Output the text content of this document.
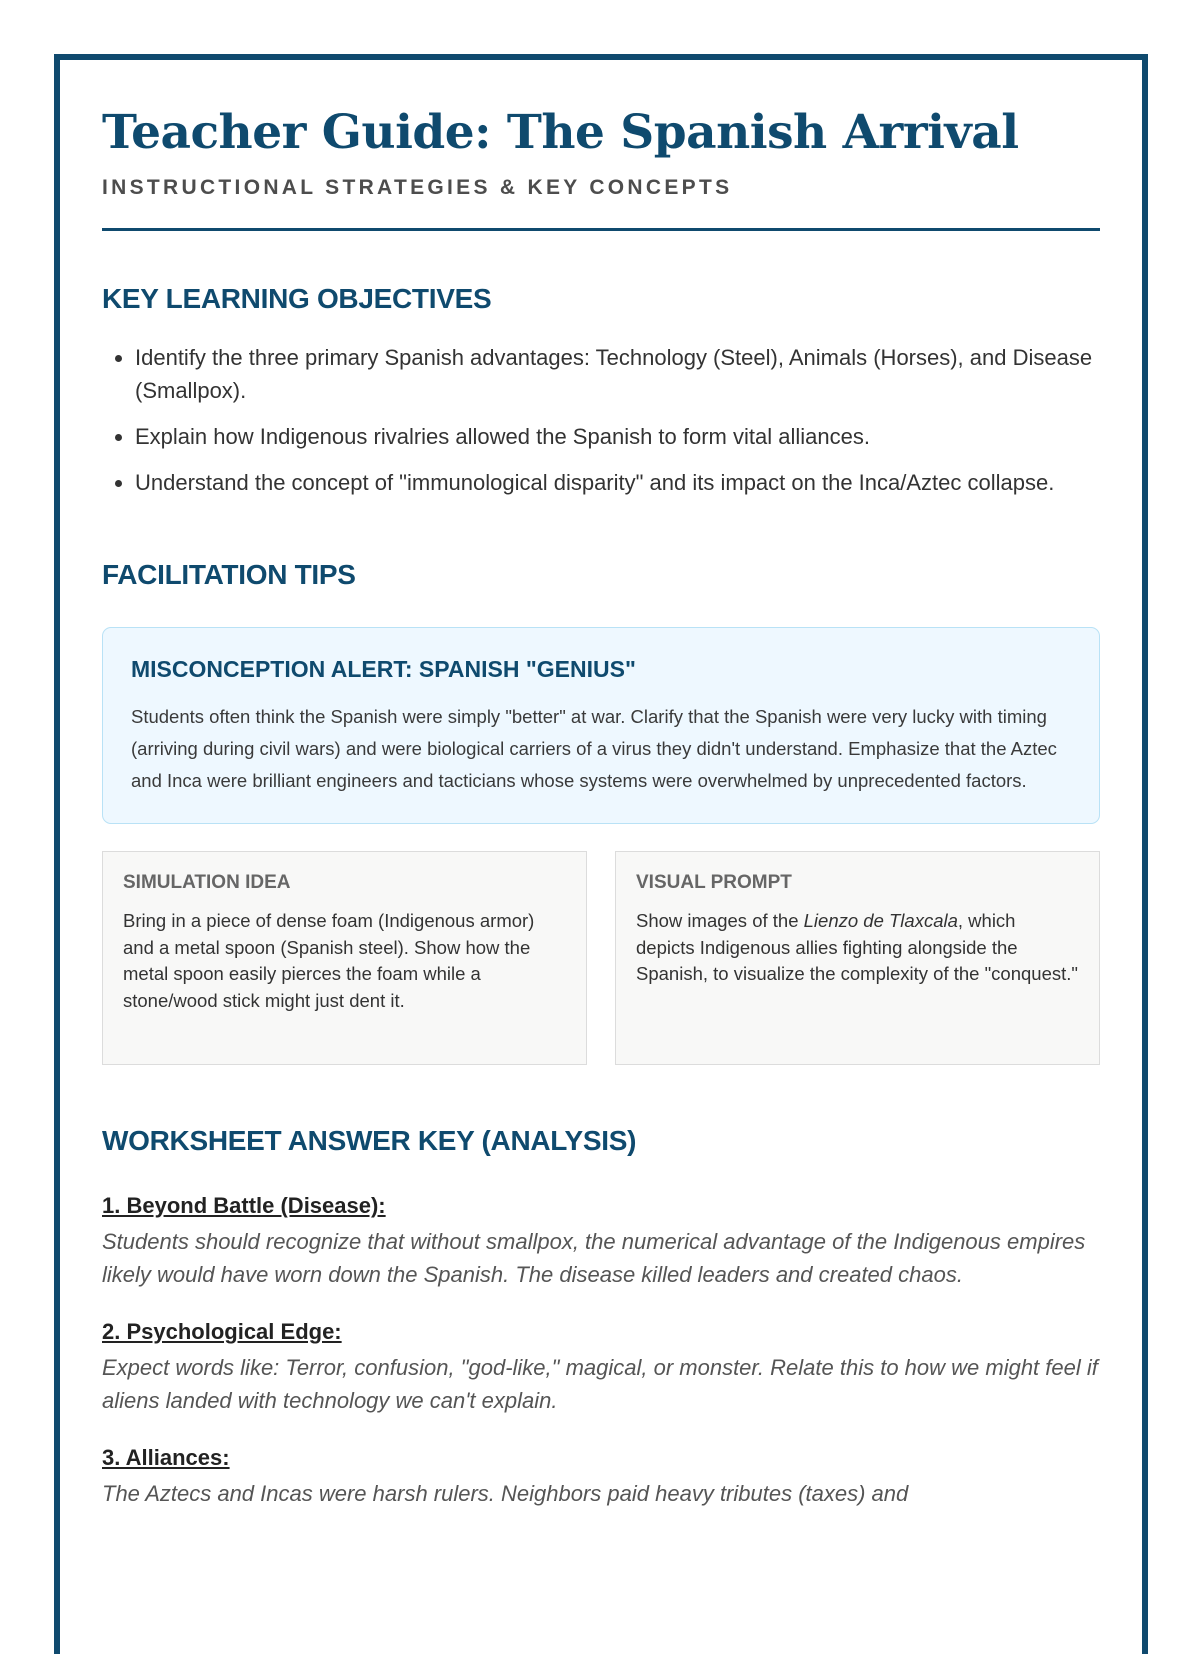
Teacher Guide: The Spanish Arrival
INSTRUCTIONAL STRATEGIES & KEY CONCEPTS
KEY LEARNING OBJECTIVES
• Identify the three primary Spanish advantages: Technology (Steel), Animals (Horses), and Disease (Smallpox).
• Explain how Indigenous rivalries allowed the Spanish to form vital alliances.
• Understand the concept of "immunological disparity" and its impact on the Inca/Aztec collapse.
FACILITATION TIPS
MISCONCEPTION ALERT: SPANISH "GENIUS"
Students often think the Spanish were simply "better" at war. Clarify that the Spanish were very lucky with timing (arriving during civil wars) and were biological carriers of a virus they didn't understand. Emphasize that the Aztec and Inca were brilliant engineers and tacticians whose systems were overwhelmed by unprecedented factors.
SIMULATION IDEA
Bring in a piece of dense foam (Indigenous armor) and a metal spoon (Spanish steel). Show how the metal spoon easily pierces the foam while a stone/wood stick might just dent it.
VISUAL PROMPT
Show images of the Lienzo de Tlaxcala, which depicts Indigenous allies fighting alongside the Spanish, to visualize the complexity of the "conquest."
WORKSHEET ANSWER KEY (ANALYSIS)
1. Beyond Battle (Disease):
Students should recognize that without smallpox, the numerical advantage of the Indigenous empires likely would have worn down the Spanish. The disease killed leaders and created chaos.
2. Psychological Edge:
Expect words like: Terror, confusion, "god-like," magical, or monster. Relate this to how we might feel if aliens landed with technology we can't explain.
3. Alliances:
The Aztecs and Incas were harsh rulers. Neighbors paid heavy tributes (taxes) and
